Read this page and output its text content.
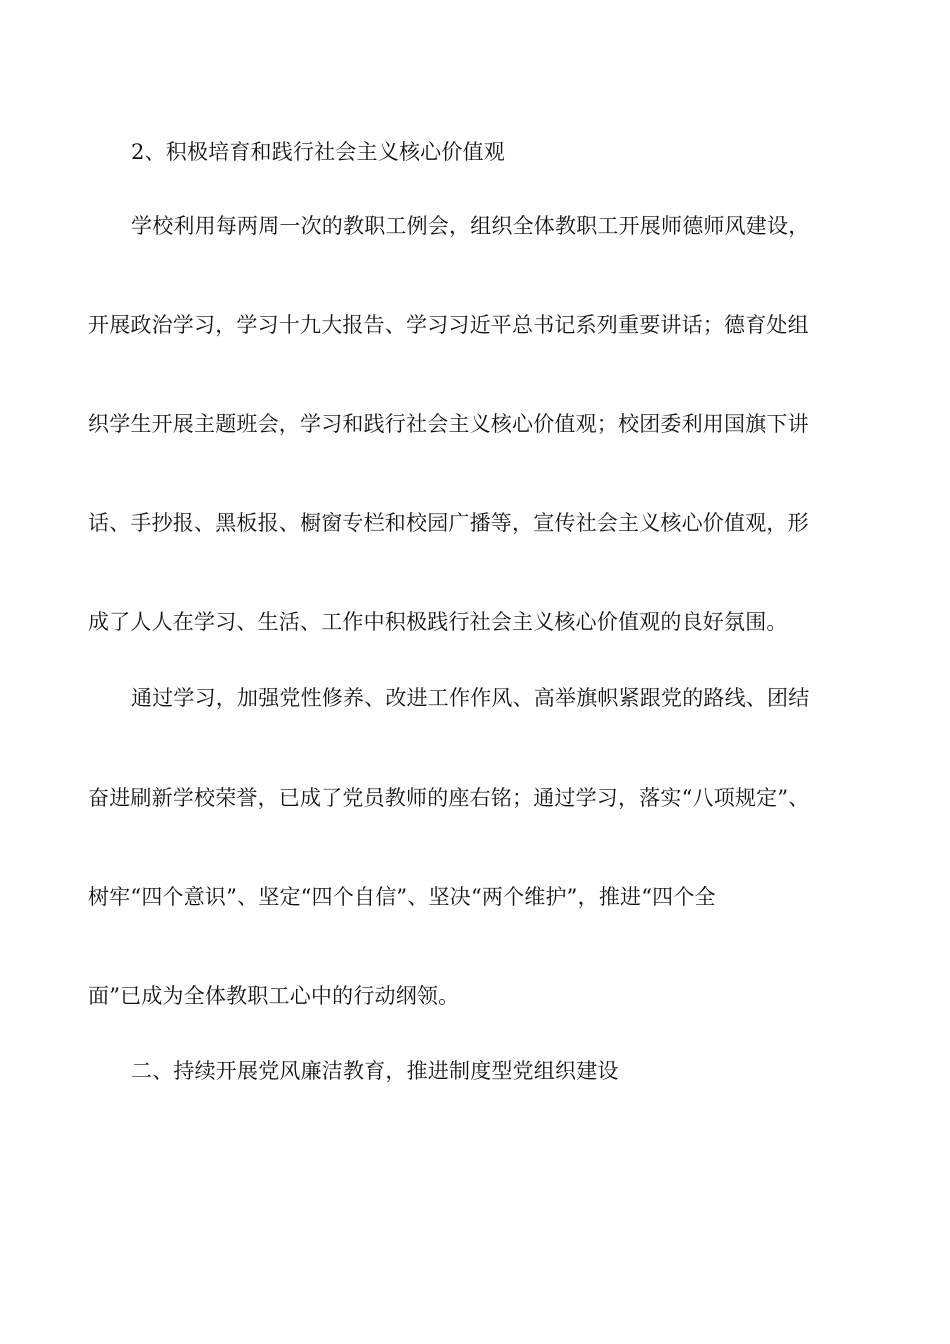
2、积极培育和践行社会主义核心价值观
学校利用每两周一次的教职工例会，组织全体教职工开展师德师风建设，
开展政治学习，学习十九大报告、学习习近平总书记系列重要讲话；德育处组
织学生开展主题班会，学习和践行社会主义核心价值观；校团委利用国旗下讲
话、手抄报、黑板报、橱窗专栏和校园广播等，宣传社会主义核心价值观，形
成了人人在学习、生活、工作中积极践行社会主义核心价值观的良好氛围。
通过学习，加强党性修养、改进工作作风、高举旗帜紧跟党的路线、团结
奋进刷新学校荣誉，已成了党员教师的座右铭；通过学习，落实“八项规定”、
树牢“四个意识”、坚定“四个自信”、坚决“两个维护”，推进“四个全
面”已成为全体教职工心中的行动纲领。
二、持续开展党风廉洁教育，推进制度型党组织建设
